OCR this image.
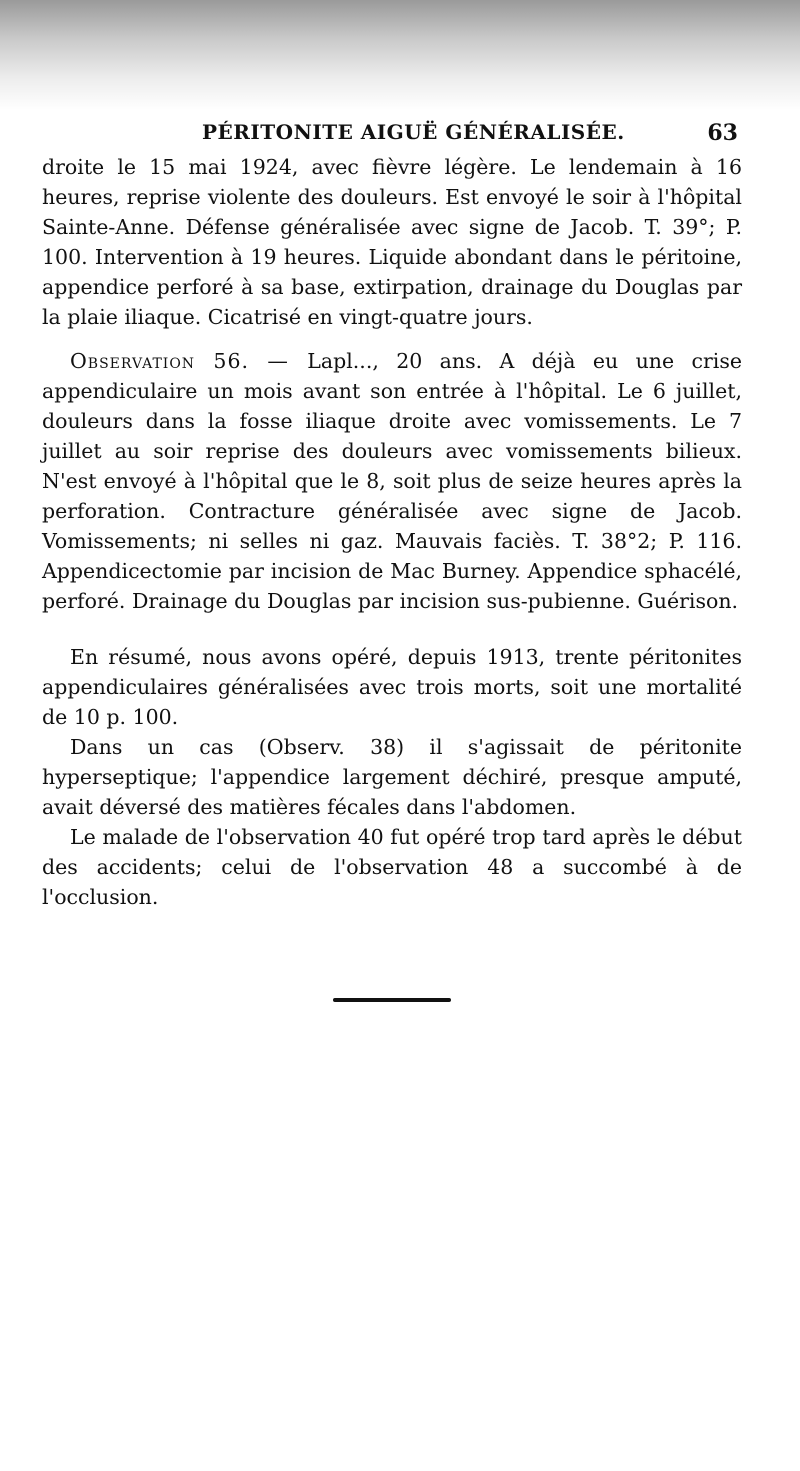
PÉRITONITE AIGUË GÉNÉRALISÉE.	63

droite le 15 mai 1924, avec fièvre légère. Le lendemain à 16 heures, reprise violente des douleurs. Est envoyé le soir à l'hôpital Sainte-Anne. Défense généralisée avec signe de Jacob. T. 39°; P. 100. Intervention à 19 heures. Liquide abondant dans le péritoine, appendice perforé à sa base, extirpation, drainage du Douglas par la plaie iliaque. Cicatrisé en vingt-quatre jours.

Observation 56. — Lapl..., 20 ans. A déjà eu une crise appendiculaire un mois avant son entrée à l'hôpital. Le 6 juillet, douleurs dans la fosse iliaque droite avec vomissements. Le 7 juillet au soir reprise des douleurs avec vomissements bilieux. N'est envoyé à l'hôpital que le 8, soit plus de seize heures après la perforation. Contracture généralisée avec signe de Jacob. Vomissements; ni selles ni gaz. Mauvais faciès. T. 38°2; P. 116. Appendicectomie par incision de Mac Burney. Appendice sphacélé, perforé. Drainage du Douglas par incision sus-pubienne. Guérison.

En résumé, nous avons opéré, depuis 1913, trente péritonites appendiculaires généralisées avec trois morts, soit une mortalité de 10 p. 100.

Dans un cas (Observ. 38) il s'agissait de péritonite hyperseptique; l'appendice largement déchiré, presque amputé, avait déversé des matières fécales dans l'abdomen.

Le malade de l'observation 40 fut opéré trop tard après le début des accidents; celui de l'observation 48 a succombé à de l'occlusion.
